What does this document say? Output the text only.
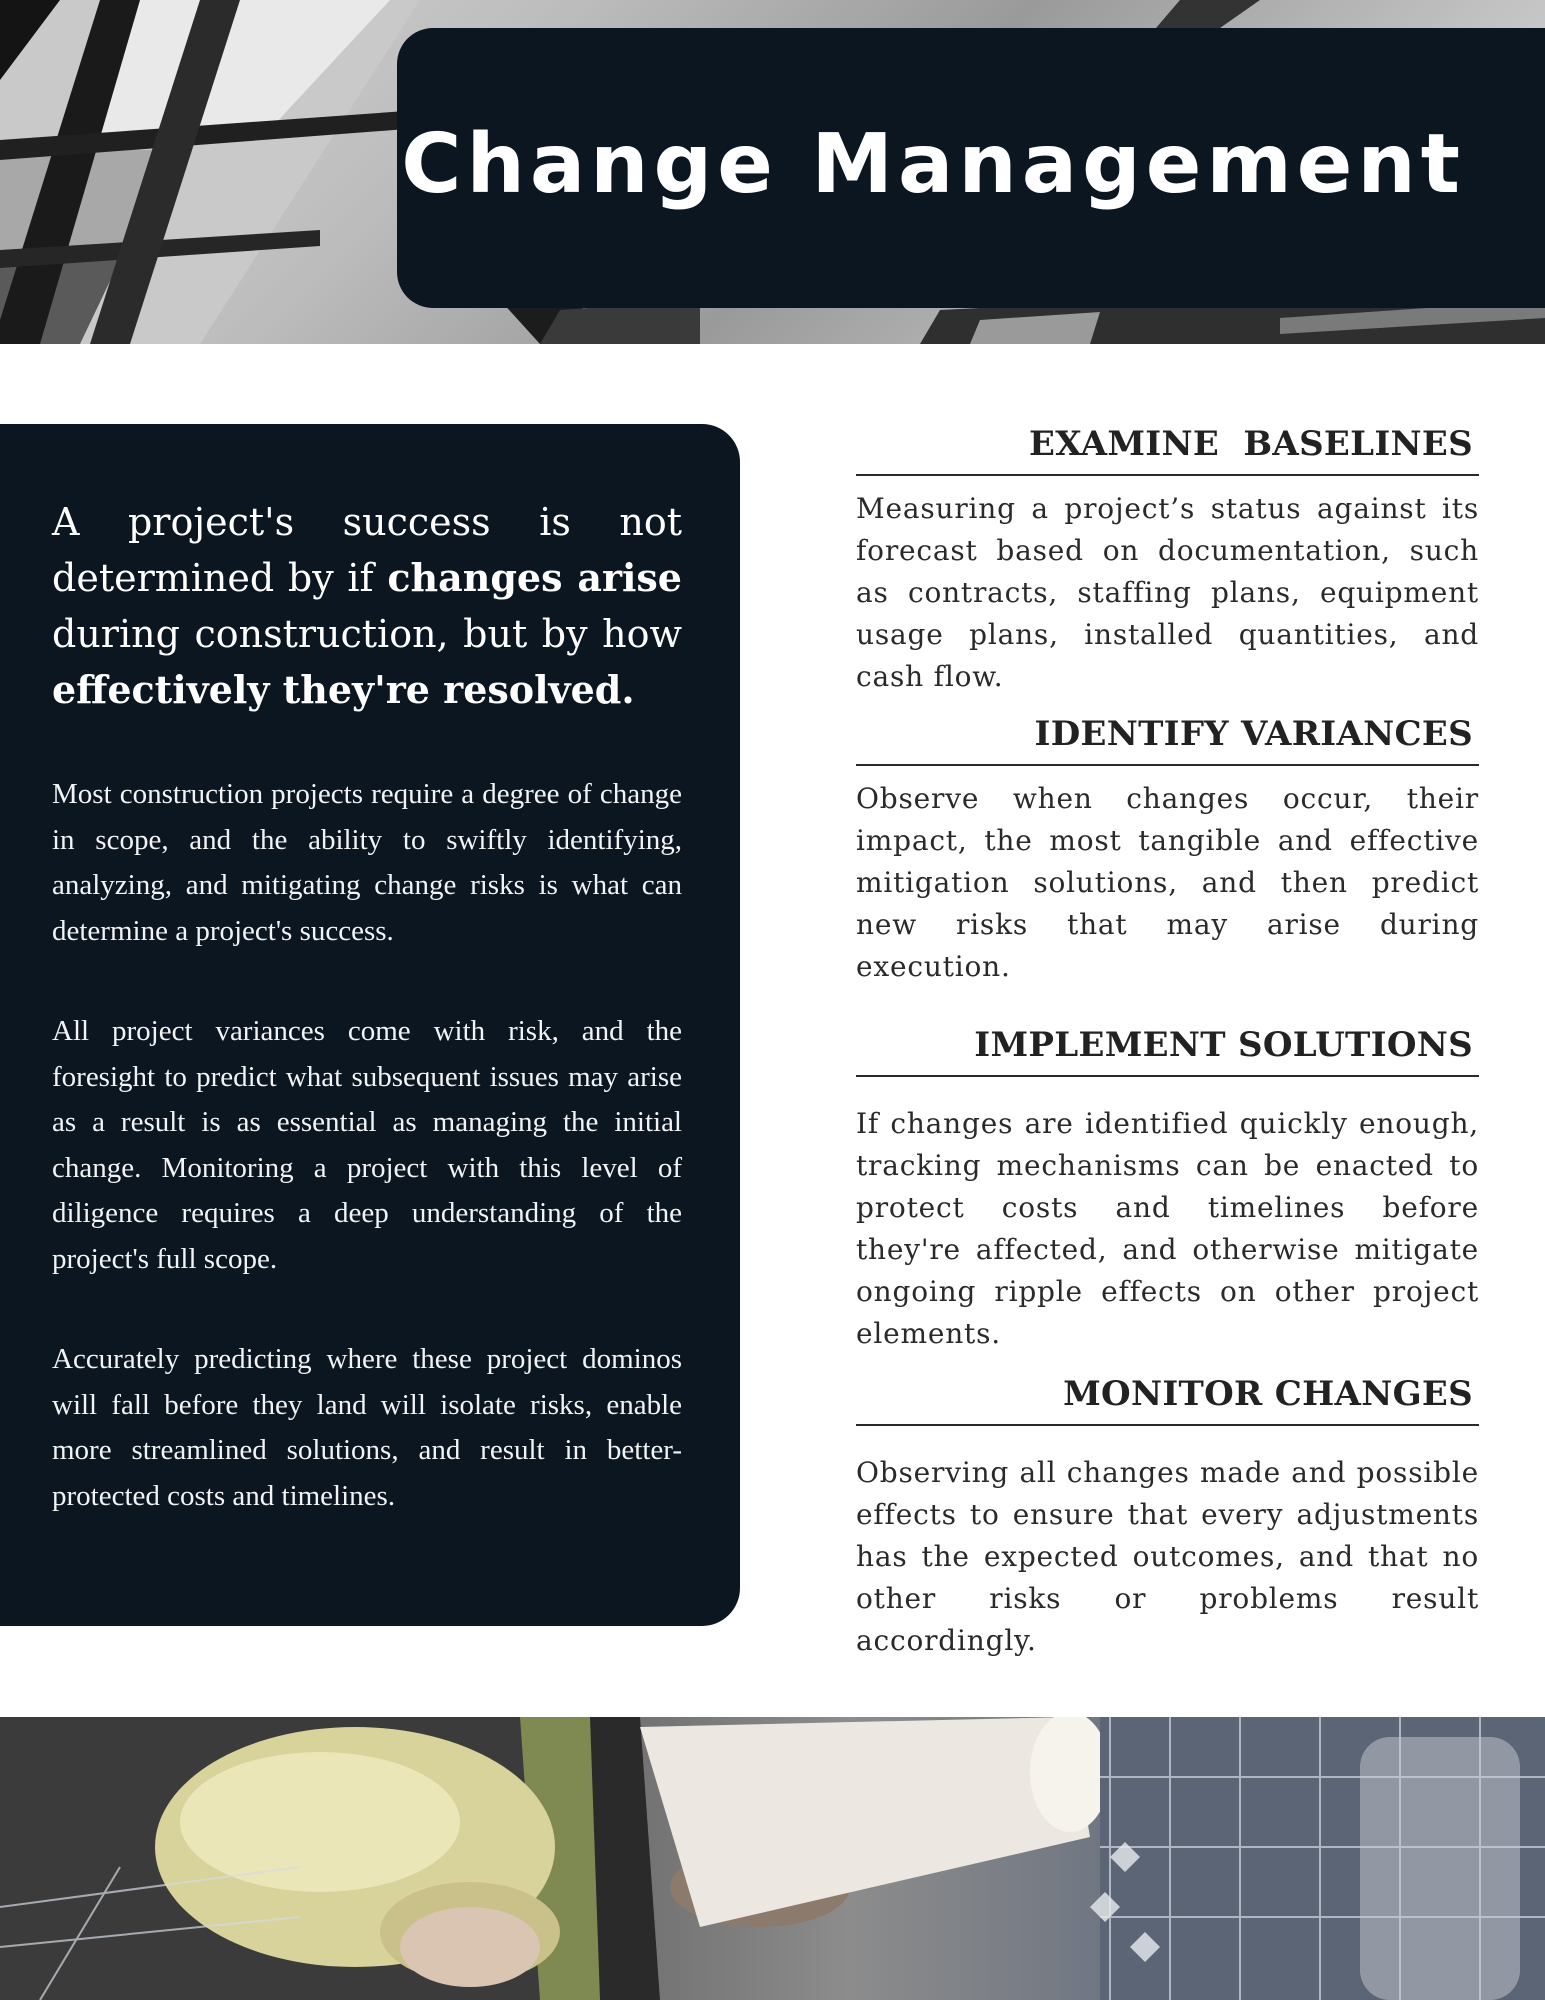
Change Management

A project's success is not determined by if changes arise during construction, but by how effectively they're resolved.

Most construction projects require a degree of change in scope, and the ability to swiftly identifying, analyzing, and mitigating change risks is what can determine a project's success.

All project variances come with risk, and the foresight to predict what subsequent issues may arise as a result is as essential as managing the initial change. Monitoring a project with this level of diligence requires a deep understanding of the project's full scope.

Accurately predicting where these project dominos will fall before they land will isolate risks, enable more streamlined solutions, and result in better-protected costs and timelines.

EXAMINE  BASELINES

Measuring a project’s status against its forecast based on documentation, such as contracts, staffing plans, equipment usage plans, installed quantities, and cash flow.

IDENTIFY VARIANCES

Observe when changes occur, their impact, the most tangible and effective mitigation solutions, and then predict new risks that may arise during execution.

IMPLEMENT SOLUTIONS

If changes are identified quickly enough, tracking mechanisms can be enacted to protect costs and timelines before they're affected, and otherwise mitigate ongoing ripple effects on other project elements.

MONITOR CHANGES

Observing all changes made and possible effects to ensure that every adjustments has the expected outcomes, and that no other risks or problems result accordingly.
